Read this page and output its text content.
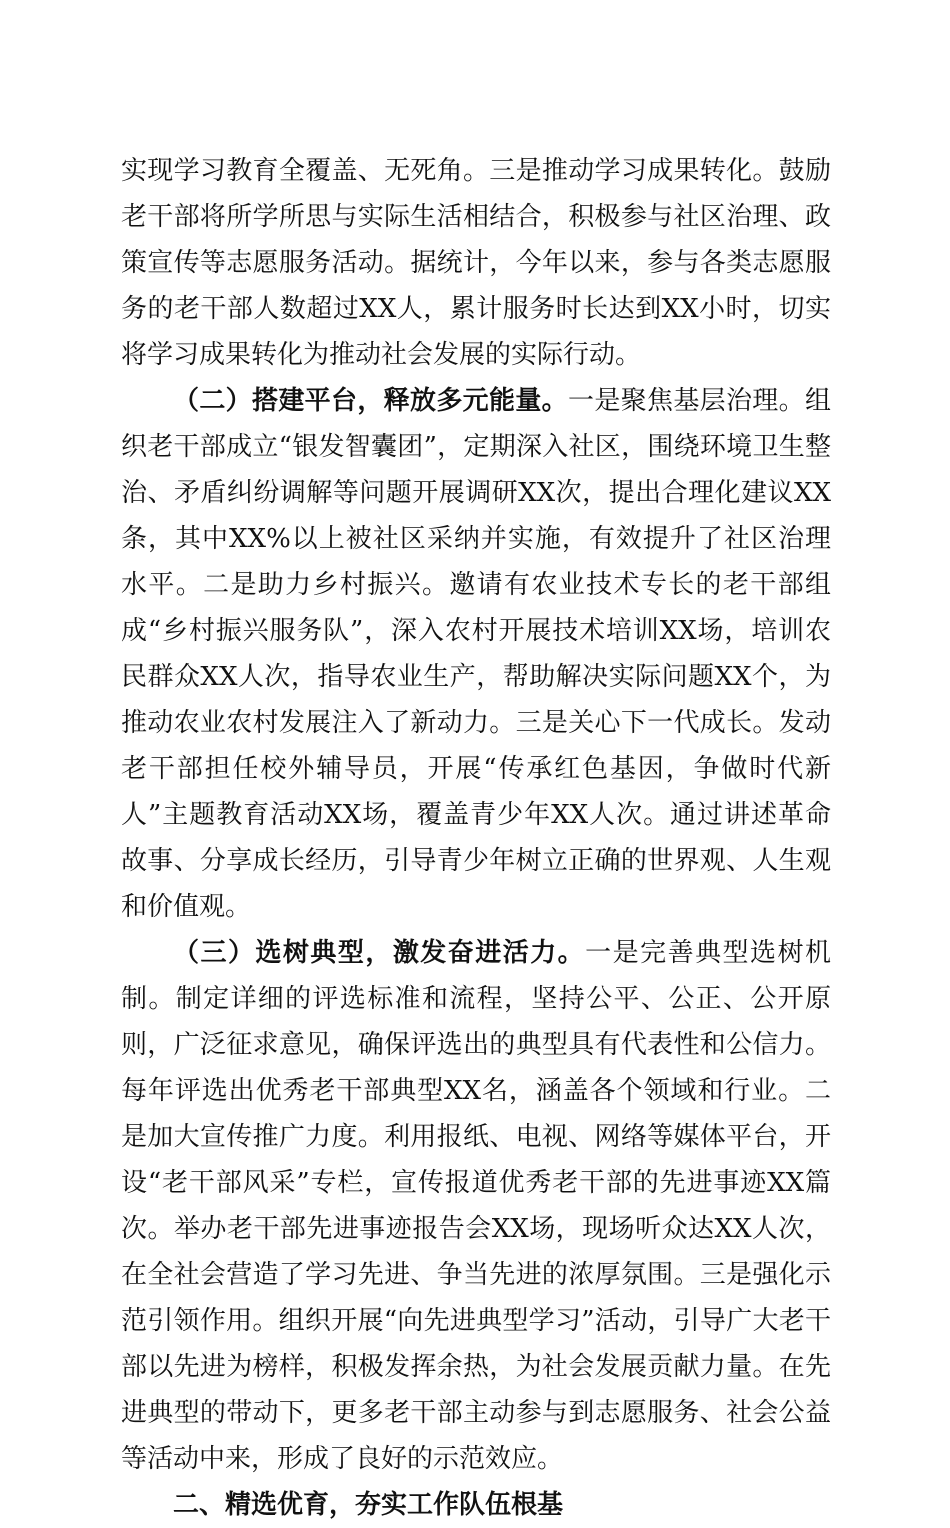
实现学习教育全覆盖、无死角。三是推动学习成果转化。鼓励老干部将所学所思与实际生活相结合，积极参与社区治理、政策宣传等志愿服务活动。据统计，今年以来，参与各类志愿服务的老干部人数超过XX人，累计服务时长达到XX小时，切实将学习成果转化为推动社会发展的实际行动。

（二）搭建平台，释放多元能量。一是聚焦基层治理。组织老干部成立“银发智囊团”，定期深入社区，围绕环境卫生整治、矛盾纠纷调解等问题开展调研XX次，提出合理化建议XX条，其中XX%以上被社区采纳并实施，有效提升了社区治理水平。二是助力乡村振兴。邀请有农业技术专长的老干部组成“乡村振兴服务队”，深入农村开展技术培训XX场，培训农民群众XX人次，指导农业生产，帮助解决实际问题XX个，为推动农业农村发展注入了新动力。三是关心下一代成长。发动老干部担任校外辅导员，开展“传承红色基因，争做时代新人”主题教育活动XX场，覆盖青少年XX人次。通过讲述革命故事、分享成长经历，引导青少年树立正确的世界观、人生观和价值观。

（三）选树典型，激发奋进活力。一是完善典型选树机制。制定详细的评选标准和流程，坚持公平、公正、公开原则，广泛征求意见，确保评选出的典型具有代表性和公信力。每年评选出优秀老干部典型XX名，涵盖各个领域和行业。二是加大宣传推广力度。利用报纸、电视、网络等媒体平台，开设“老干部风采”专栏，宣传报道优秀老干部的先进事迹XX篇次。举办老干部先进事迹报告会XX场，现场听众达XX人次，在全社会营造了学习先进、争当先进的浓厚氛围。三是强化示范引领作用。组织开展“向先进典型学习”活动，引导广大老干部以先进为榜样，积极发挥余热，为社会发展贡献力量。在先进典型的带动下，更多老干部主动参与到志愿服务、社会公益等活动中来，形成了良好的示范效应。

二、精选优育，夯实工作队伍根基
